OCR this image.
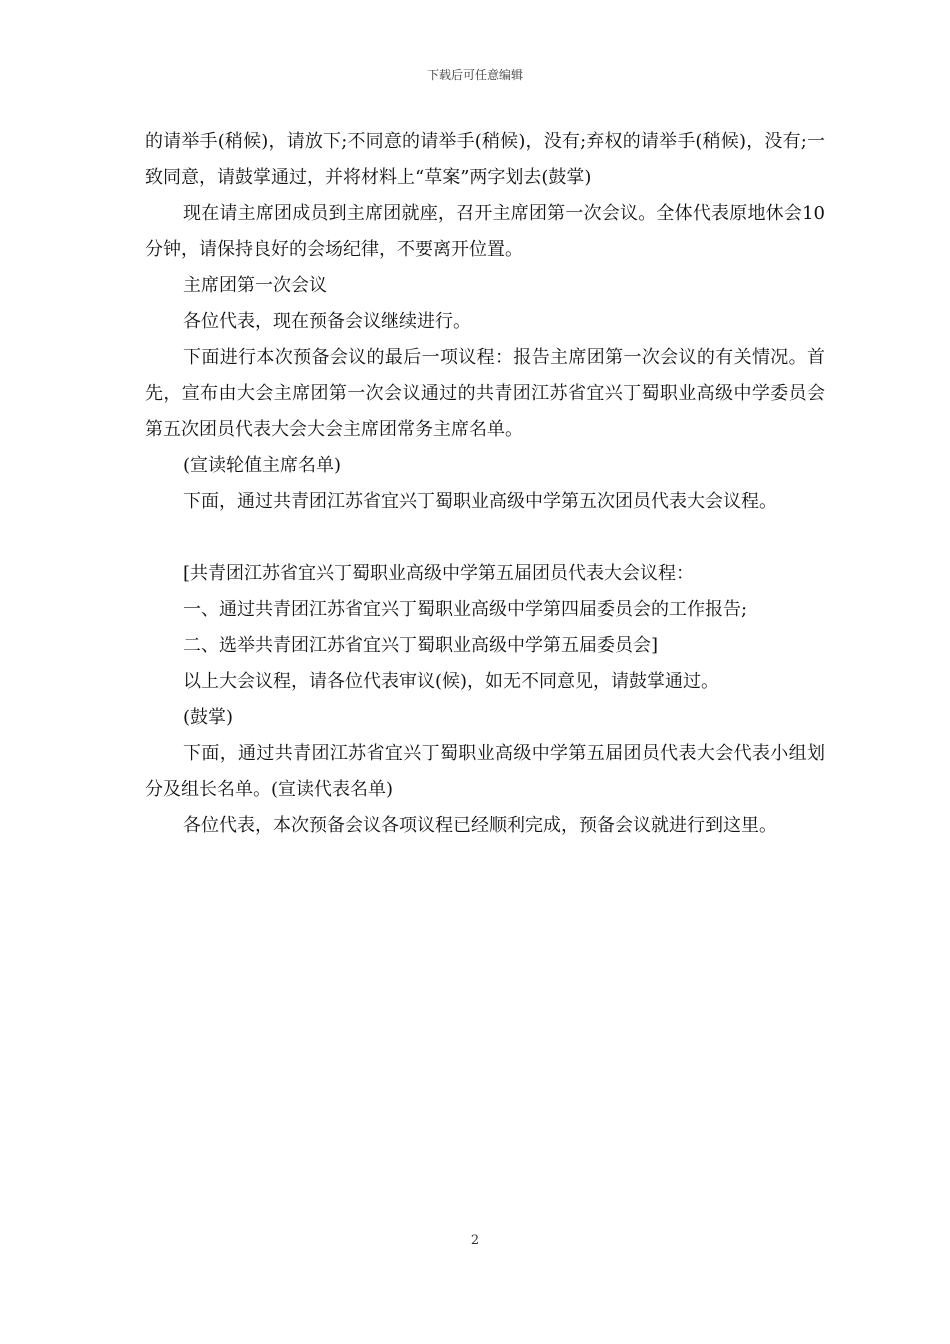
下载后可任意编辑

的请举手(稍候)，请放下;不同意的请举手(稍候)，没有;弃权的请举手(稍候)，没有;一致同意，请鼓掌通过，并将材料上“草案”两字划去(鼓掌)

现在请主席团成员到主席团就座，召开主席团第一次会议。全体代表原地休会10分钟，请保持良好的会场纪律，不要离开位置。

主席团第一次会议

各位代表，现在预备会议继续进行。

下面进行本次预备会议的最后一项议程：报告主席团第一次会议的有关情况。首先，宣布由大会主席团第一次会议通过的共青团江苏省宜兴丁蜀职业高级中学委员会第五次团员代表大会大会主席团常务主席名单。

(宣读轮值主席名单)

下面，通过共青团江苏省宜兴丁蜀职业高级中学第五次团员代表大会议程。

[共青团江苏省宜兴丁蜀职业高级中学第五届团员代表大会议程：

一、通过共青团江苏省宜兴丁蜀职业高级中学第四届委员会的工作报告;

二、选举共青团江苏省宜兴丁蜀职业高级中学第五届委员会]

以上大会议程，请各位代表审议(候)，如无不同意见，请鼓掌通过。

(鼓掌)

下面，通过共青团江苏省宜兴丁蜀职业高级中学第五届团员代表大会代表小组划分及组长名单。(宣读代表名单)

各位代表，本次预备会议各项议程已经顺利完成，预备会议就进行到这里。

2
